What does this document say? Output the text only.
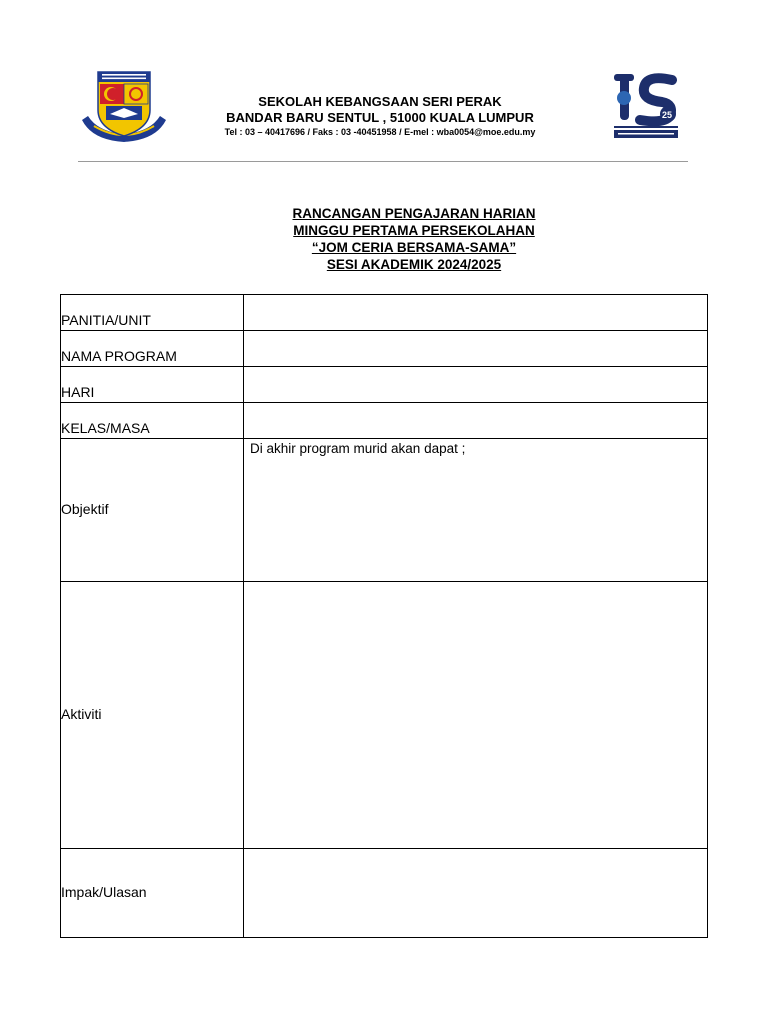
SEKOLAH KEBANGSAAN SERI PERAK
BANDAR BARU SENTUL , 51000 KUALA LUMPUR
Tel : 03 – 40417696 / Faks : 03 -40451958 / E-mel : wba0054@moe.edu.my
25
RANCANGAN PENGAJARAN HARIAN
MINGGU PERTAMA PERSEKOLAHAN
“JOM CERIA BERSAMA-SAMA”
SESI AKADEMIK 2024/2025
PANITIA/UNIT	

NAMA PROGRAM	

HARI	

KELAS/MASA	

Objektif	Di akhir program murid akan dapat ;

Aktiviti	

Impak/Ulasan	
